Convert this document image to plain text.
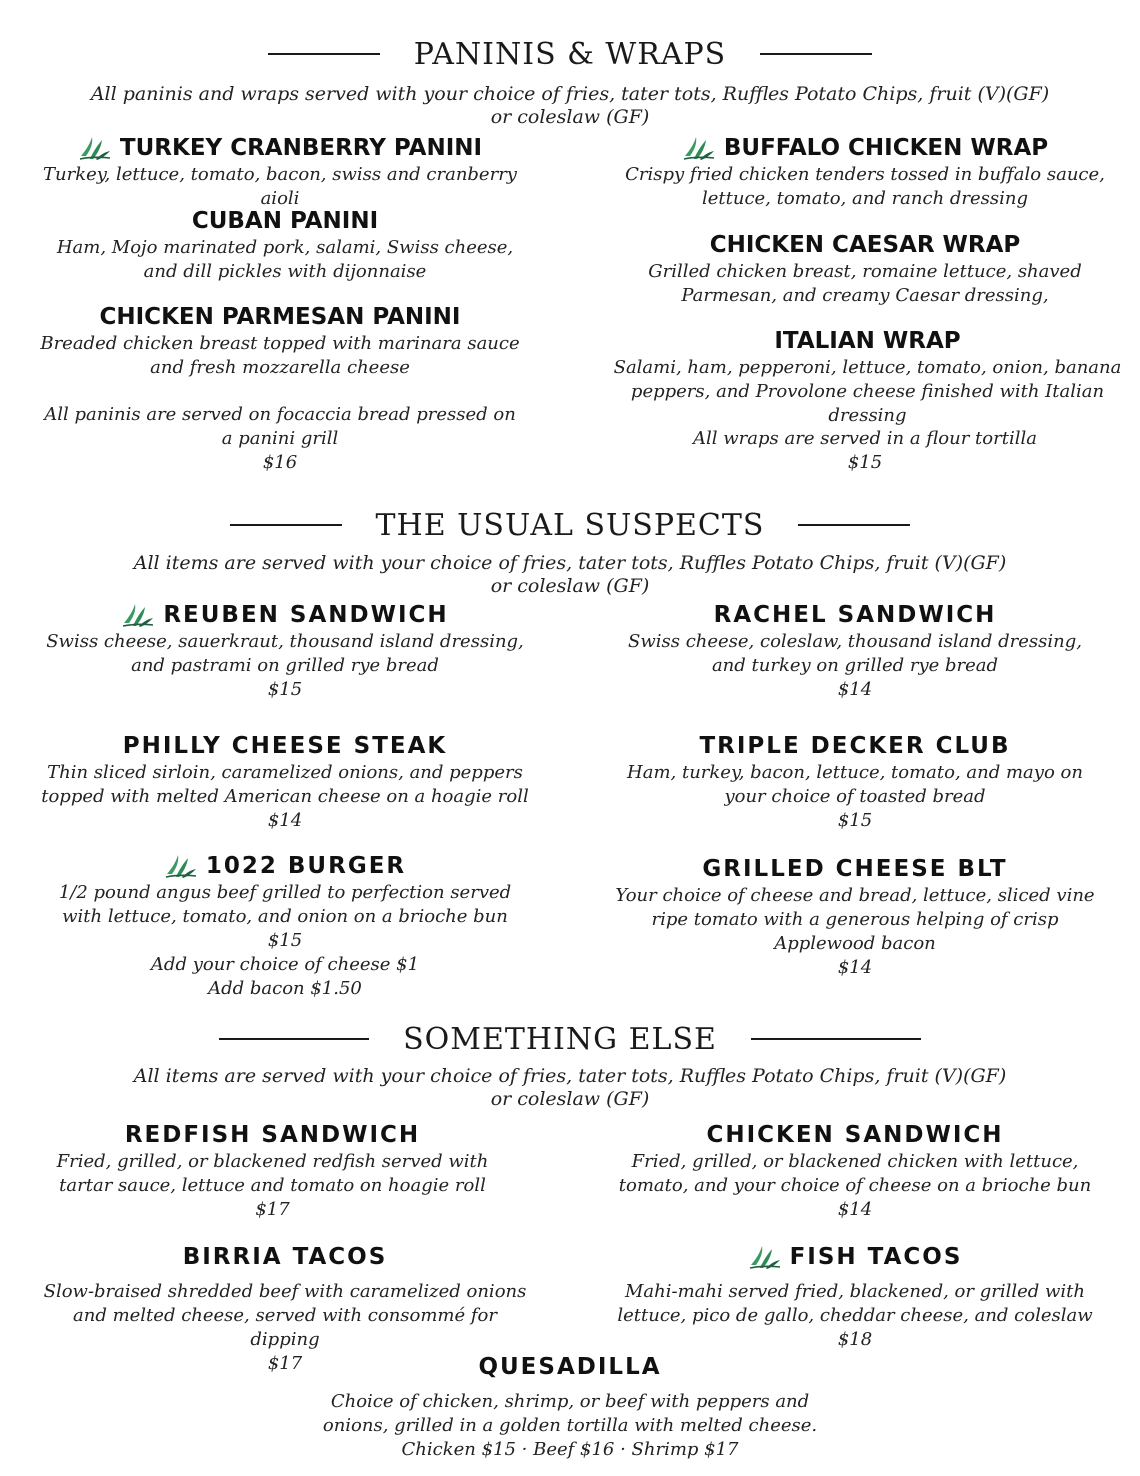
PANINIS & WRAPS
All paninis and wraps served with your choice of fries, tater tots, Ruffles Potato Chips, fruit (V)(GF) or coleslaw (GF)
TURKEY CRANBERRY PANINI
Turkey, lettuce, tomato, bacon, swiss and cranberry aioli
CUBAN PANINI
Ham, Mojo marinated pork, salami, Swiss cheese, and dill pickles with dijonnaise
CHICKEN PARMESAN PANINI
Breaded chicken breast topped with marinara sauce and fresh mozzarella cheese
All paninis are served on focaccia bread pressed on a panini grill
$16
BUFFALO CHICKEN WRAP
Crispy fried chicken tenders tossed in buffalo sauce, lettuce, tomato, and ranch dressing
CHICKEN CAESAR WRAP
Grilled chicken breast, romaine lettuce, shaved Parmesan, and creamy Caesar dressing,
ITALIAN WRAP
Salami, ham, pepperoni, lettuce, tomato, onion, banana peppers, and Provolone cheese finished with Italian dressing
All wraps are served in a flour tortilla
$15
THE USUAL SUSPECTS
All items are served with your choice of fries, tater tots, Ruffles Potato Chips, fruit (V)(GF) or coleslaw (GF)
REUBEN SANDWICH
Swiss cheese, sauerkraut, thousand island dressing, and pastrami on grilled rye bread
$15
RACHEL SANDWICH
Swiss cheese, coleslaw, thousand island dressing, and turkey on grilled rye bread
$14
PHILLY CHEESE STEAK
Thin sliced sirloin, caramelized onions, and peppers topped with melted American cheese on a hoagie roll
$14
TRIPLE DECKER CLUB
Ham, turkey, bacon, lettuce, tomato, and mayo on your choice of toasted bread
$15
1022 BURGER
1/2 pound angus beef grilled to perfection served with lettuce, tomato, and onion on a brioche bun
$15
Add your choice of cheese $1
Add bacon $1.50
GRILLED CHEESE BLT
Your choice of cheese and bread, lettuce, sliced vine ripe tomato with a generous helping of crisp Applewood bacon
$14
SOMETHING ELSE
All items are served with your choice of fries, tater tots, Ruffles Potato Chips, fruit (V)(GF) or coleslaw (GF)
REDFISH SANDWICH
Fried, grilled, or blackened redfish served with tartar sauce, lettuce and tomato on hoagie roll
$17
CHICKEN SANDWICH
Fried, grilled, or blackened chicken with lettuce, tomato, and your choice of cheese on a brioche bun
$14
BIRRIA TACOS
Slow-braised shredded beef with caramelized onions and melted cheese, served with consommé for dipping
$17
FISH TACOS
Mahi-mahi served fried, blackened, or grilled with lettuce, pico de gallo, cheddar cheese, and coleslaw
$18
QUESADILLA
Choice of chicken, shrimp, or beef with peppers and onions, grilled in a golden tortilla with melted cheese.
Chicken $15 · Beef $16 · Shrimp $17
